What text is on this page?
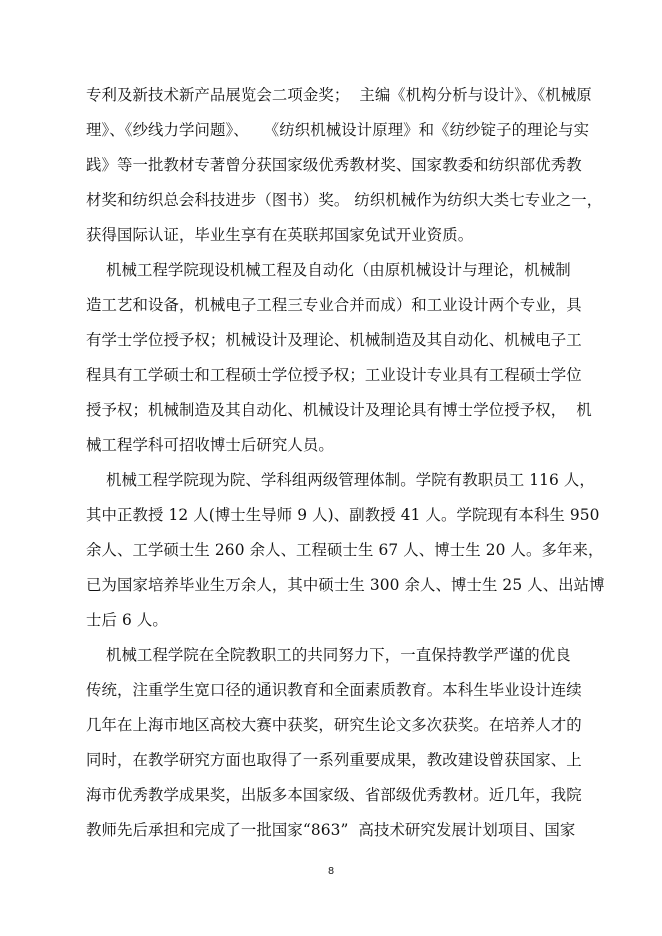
专利及新技术新产品展览会二项金奖；  主编《机构分析与设计》、《机械原
理》、《纱线力学问题》、   《纺织机械设计原理》和《纺纱锭子的理论与实
践》等一批教材专著曾分获国家级优秀教材奖、国家教委和纺织部优秀教
材奖和纺织总会科技进步（图书）奖。 纺织机械作为纺织大类七专业之一，
获得国际认证，毕业生享有在英联邦国家免试开业资质。
机械工程学院现设机械工程及自动化（由原机械设计与理论，机械制
造工艺和设备，机械电子工程三专业合并而成）和工业设计两个专业，具
有学士学位授予权；机械设计及理论、机械制造及其自动化、机械电子工
程具有工学硕士和工程硕士学位授予权；工业设计专业具有工程硕士学位
授予权；机械制造及其自动化、机械设计及理论具有博士学位授予权，  机
械工程学科可招收博士后研究人员。
机械工程学院现为院、学科组两级管理体制。学院有教职员工 116 人，
其中正教授 12 人(博士生导师 9 人)、副教授 41 人。学院现有本科生 950
余人、工学硕士生 260 余人、工程硕士生 67 人、博士生 20 人。多年来，
已为国家培养毕业生万余人，其中硕士生 300 余人、博士生 25 人、出站博
士后 6 人。
机械工程学院在全院教职工的共同努力下，一直保持教学严谨的优良
传统，注重学生宽口径的通识教育和全面素质教育。本科生毕业设计连续
几年在上海市地区高校大赛中获奖，研究生论文多次获奖。在培养人才的
同时，在教学研究方面也取得了一系列重要成果，教改建设曾获国家、上
海市优秀教学成果奖，出版多本国家级、省部级优秀教材。近几年，我院
教师先后承担和完成了一批国家“863”  高技术研究发展计划项目、国家
8
